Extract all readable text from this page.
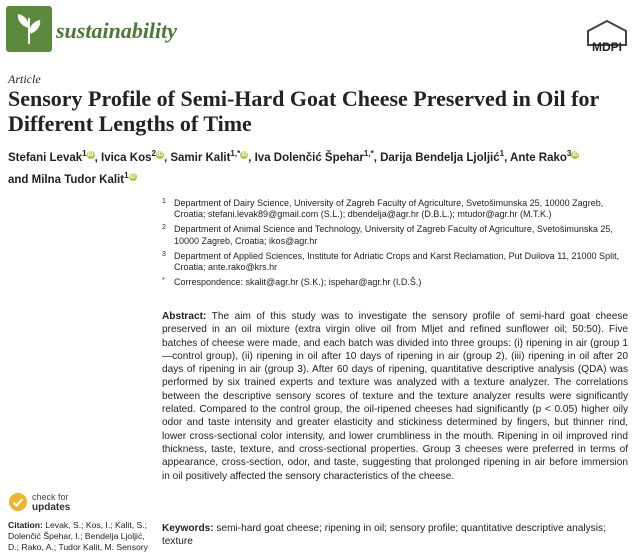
sustainability
MDPI
Article
Sensory Profile of Semi-Hard Goat Cheese Preserved in Oil for Different Lengths of Time
Stefani Levak$^1$iD, Ivica Kos$^2$iD, Samir Kalit$^{1,*}$iD, Iva Dolenčić Špehar$^{1,*}$, Darija Bendelja Ljoljić$^1$, Ante Rako$^3$iD
and Milna Tudor Kalit$^1$iD
1 Department of Dairy Science, University of Zagreb Faculty of Agriculture, Svetošimunska 25, 10000 Zagreb, Croatia; stefani.levak89@gmail.com (S.L.); dbendelja@agr.hr (D.B.L.); mtudor@agr.hr (M.T.K.)
2 Department of Animal Science and Technology, University of Zagreb Faculty of Agriculture, Svetošimunska 25, 10000 Zagreb, Croatia; ikos@agr.hr
3 Department of Applied Sciences, Institute for Adriatic Crops and Karst Reclamation, Put Duilova 11, 21000 Split, Croatia; ante.rako@krs.hr
* Correspondence: skalit@agr.hr (S.K.); ispehar@agr.hr (I.D.Š.)
Abstract: The aim of this study was to investigate the sensory profile of semi-hard goat cheese preserved in an oil mixture (extra virgin olive oil from Mljet and refined sunflower oil; 50:50). Five batches of cheese were made, and each batch was divided into three groups: (i) ripening in air (group 1—control group), (ii) ripening in oil after 10 days of ripening in air (group 2), (iii) ripening in oil after 20 days of ripening in air (group 3). After 60 days of ripening, quantitative descriptive analysis (QDA) was performed by six trained experts and texture was analyzed with a texture analyzer. The correlations between the descriptive sensory scores of texture and the texture analyzer results were significantly related. Compared to the control group, the oil-ripened cheeses had significantly (p < 0.05) higher oily odor and taste intensity and greater elasticity and stickiness determined by fingers, but thinner rind, lower cross-sectional color intensity, and lower crumbliness in the mouth. Ripening in oil improved rind thickness, taste, texture, and cross-sectional properties. Group 3 cheeses were preferred in terms of appearance, cross-section, odor, and taste, suggesting that prolonged ripening in air before immersion in oil positively affected the sensory characteristics of the cheese.
Keywords: semi-hard goat cheese; ripening in oil; sensory profile; quantitative descriptive analysis; texture
check for
updates
Citation: Levak, S.; Kos, I.; Kalit, S.; Dolenčić Špehar, I.; Bendelja Ljoljić, D.; Rako, A.; Tudor Kalit, M. Sensory
